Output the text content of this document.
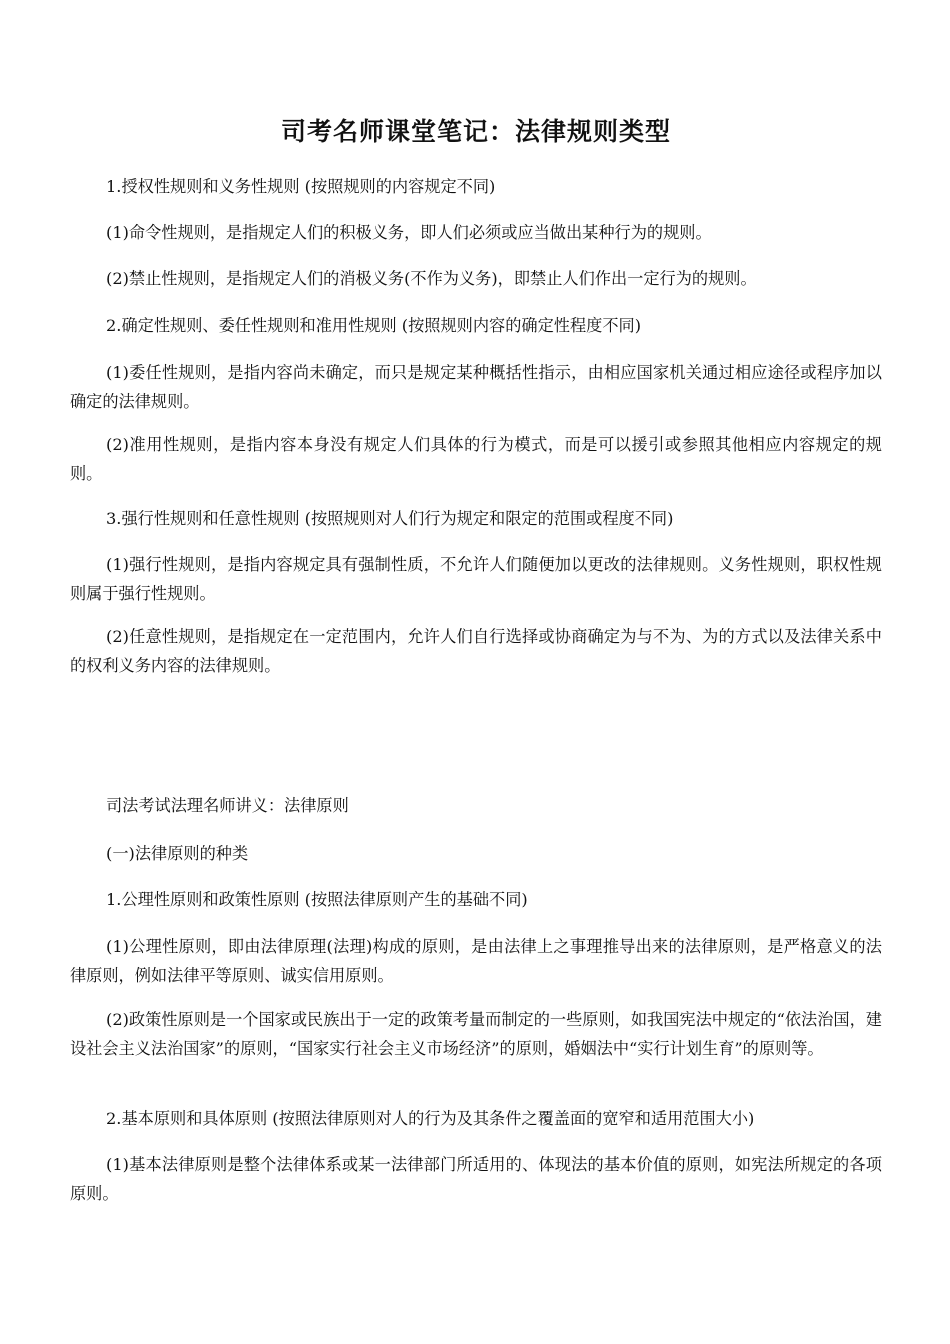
司考名师课堂笔记：法律规则类型

1.授权性规则和义务性规则 (按照规则的内容规定不同)

(1)命令性规则，是指规定人们的积极义务，即人们必须或应当做出某种行为的规则。

(2)禁止性规则，是指规定人们的消极义务(不作为义务)，即禁止人们作出一定行为的规则。

2.确定性规则、委任性规则和准用性规则 (按照规则内容的确定性程度不同)

(1)委任性规则，是指内容尚未确定，而只是规定某种概括性指示，由相应国家机关通过相应途径或程序加以确定的法律规则。

(2)准用性规则，是指内容本身没有规定人们具体的行为模式，而是可以援引或参照其他相应内容规定的规则。

3.强行性规则和任意性规则 (按照规则对人们行为规定和限定的范围或程度不同)

(1)强行性规则，是指内容规定具有强制性质，不允许人们随便加以更改的法律规则。义务性规则，职权性规则属于强行性规则。

(2)任意性规则，是指规定在一定范围内，允许人们自行选择或协商确定为与不为、为的方式以及法律关系中的权利义务内容的法律规则。

司法考试法理名师讲义：法律原则

(一)法律原则的种类

1.公理性原则和政策性原则 (按照法律原则产生的基础不同)

(1)公理性原则，即由法律原理(法理)构成的原则，是由法律上之事理推导出来的法律原则，是严格意义的法律原则，例如法律平等原则、诚实信用原则。

(2)政策性原则是一个国家或民族出于一定的政策考量而制定的一些原则，如我国宪法中规定的“依法治国，建设社会主义法治国家”的原则，“国家实行社会主义市场经济”的原则，婚姻法中“实行计划生育”的原则等。

2.基本原则和具体原则 (按照法律原则对人的行为及其条件之覆盖面的宽窄和适用范围大小)

(1)基本法律原则是整个法律体系或某一法律部门所适用的、体现法的基本价值的原则，如宪法所规定的各项原则。
